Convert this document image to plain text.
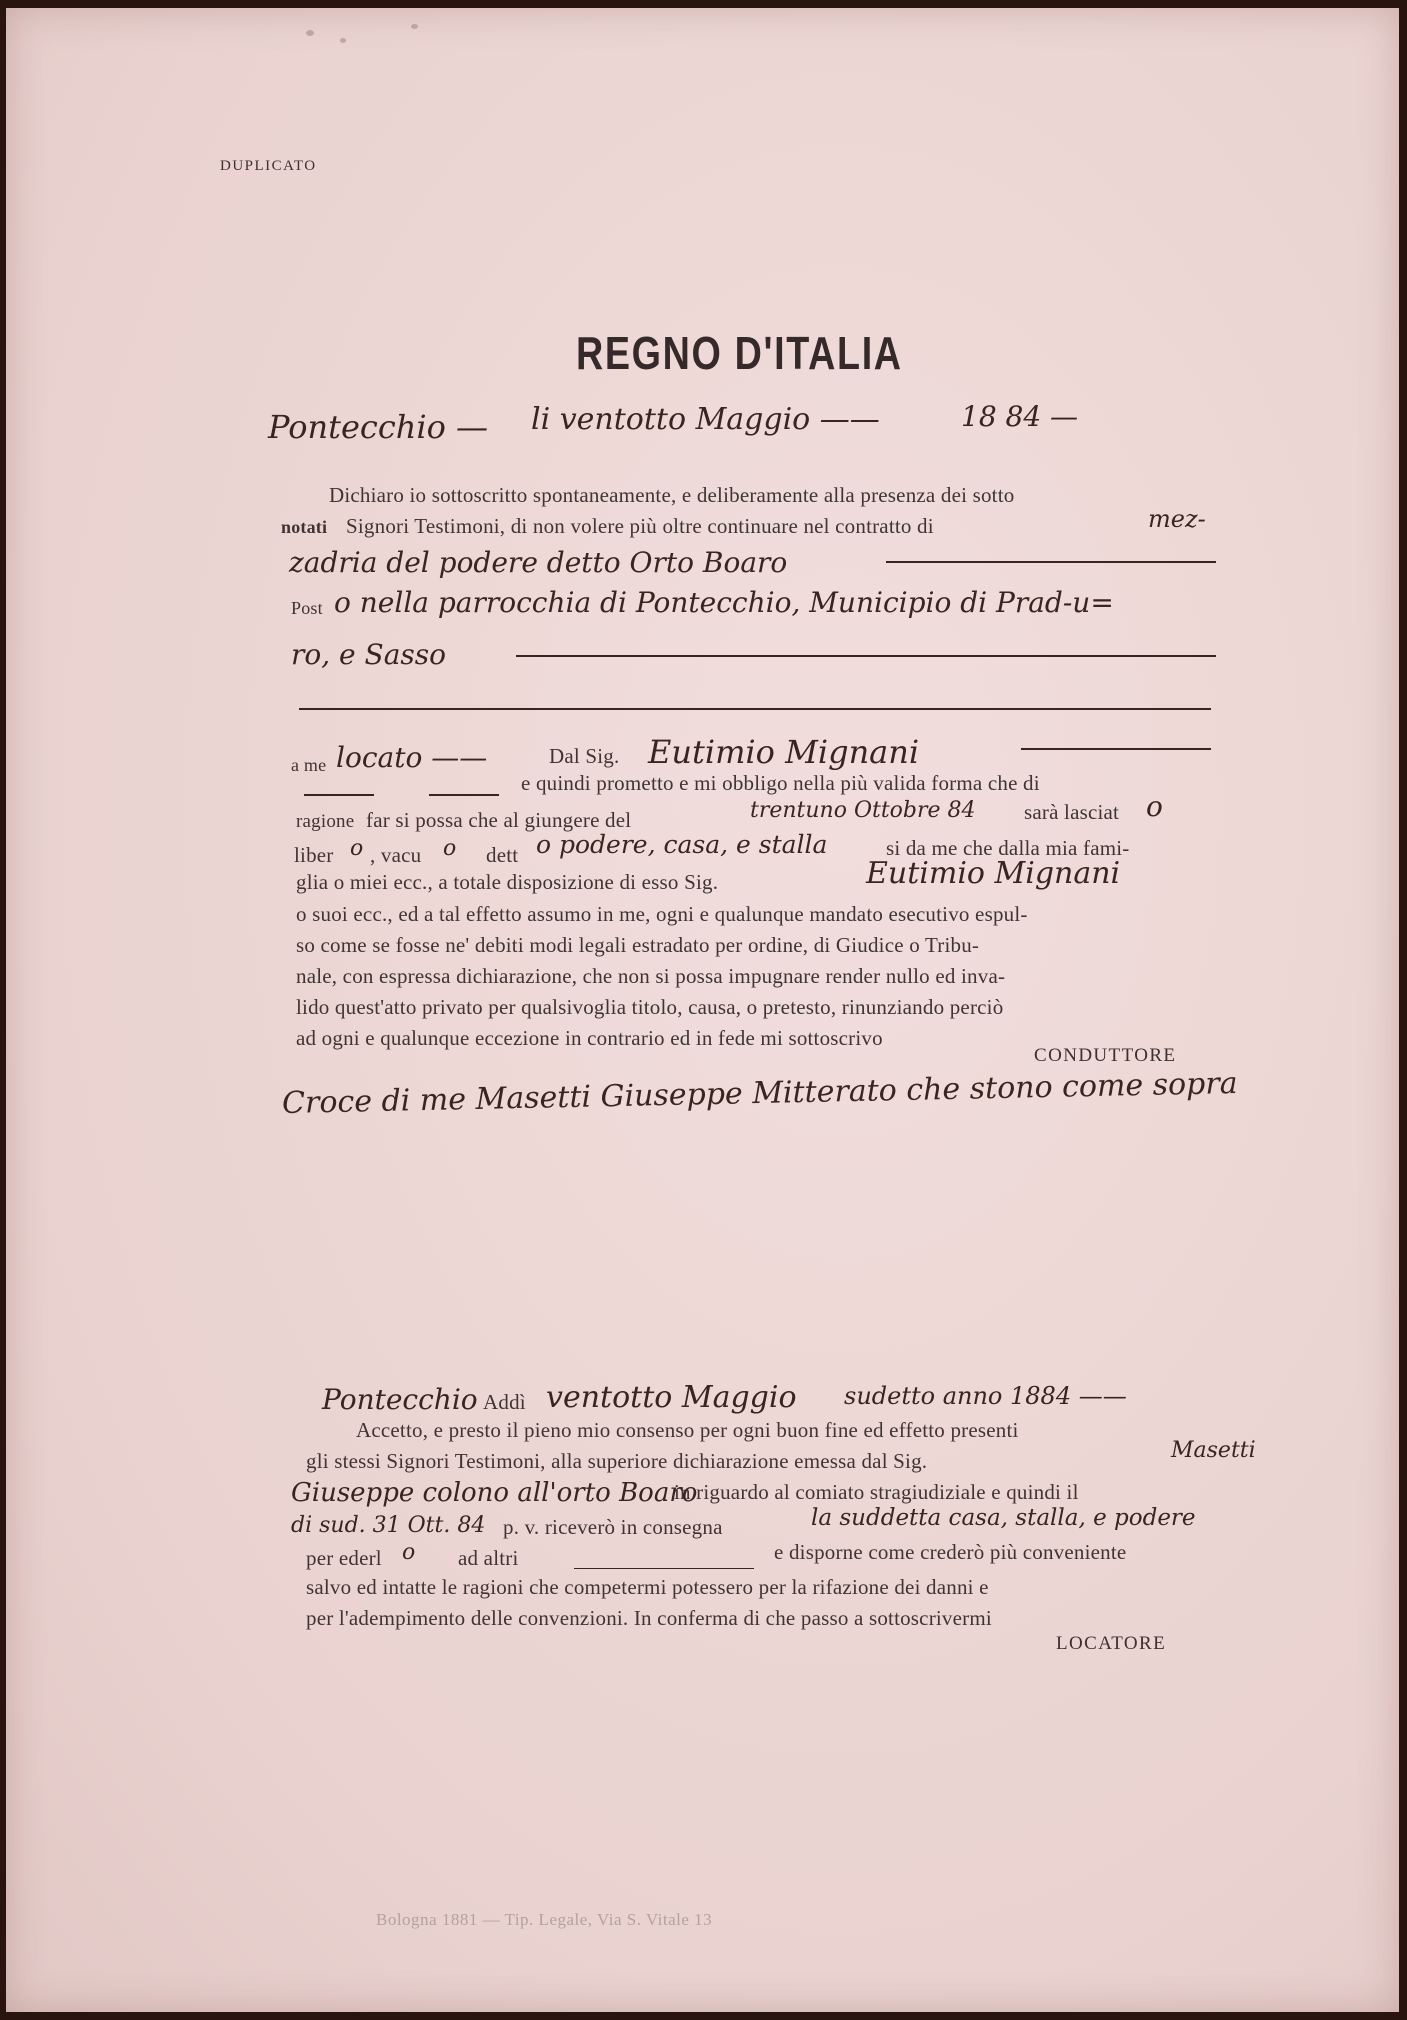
DUPLICATO
REGNO D'ITALIA
Pontecchio — li ventotto Maggio ——	18 84 —
Dichiaro io sottoscritto spontaneamente, e deliberamente alla presenza dei sotto
notati Signori Testimoni, di non volere più oltre continuare nel contratto di	mez-
zadria del podere detto Orto Boaro
Post o nella parrocchia di Pontecchio, Municipio di Prad-u=
ro, e Sasso
a me locato ——	Dal Sig. Eutimio Mignani
e quindi prometto e mi obbligo nella più valida forma che di
ragione far si possa che al giungere del	trentuno Ottobre 84 sarà lasciat o
liber o , vacu o dett o podere, casa, e stalla	si da me che dalla mia fami-
glia o miei ecc., a totale disposizione di esso Sig.	Eutimio Mignani
o suoi ecc., ed a tal effetto assumo in me, ogni e qualunque mandato esecutivo espul-
so come se fosse ne' debiti modi legali estradato per ordine, di Giudice o Tribu-
nale, con espressa dichiarazione, che non si possa impugnare render nullo ed inva-
lido quest'atto privato per qualsivoglia titolo, causa, o pretesto, rinunziando perciò
ad ogni e qualunque eccezione in contrario ed in fede mi sottoscrivo
CONDUTTORE
Croce di me Masetti Giuseppe Mitterato che stono come sopra
Pontecchio Addì ventotto Maggio sudetto anno 1884 ——
Accetto, e presto il pieno mio consenso per ogni buon fine ed effetto presenti
gli stessi Signori Testimoni, alla superiore dichiarazione emessa dal Sig.	Masetti
Giuseppe colono all'orto Boaro
in riguardo al comiato stragiudiziale e quindi il
di sud. 31 Ott. 84 p. v. riceverò in consegna	la suddetta casa, stalla, e podere
per ederl o ad altri	e disporne come crederò più conveniente
salvo ed intatte le ragioni che competermi potessero per la rifazione dei danni e
per l'adempimento delle convenzioni. In conferma di che passo a sottoscrivermi
LOCATORE
Bologna 1881 — Tip. Legale, Via S. Vitale 13
